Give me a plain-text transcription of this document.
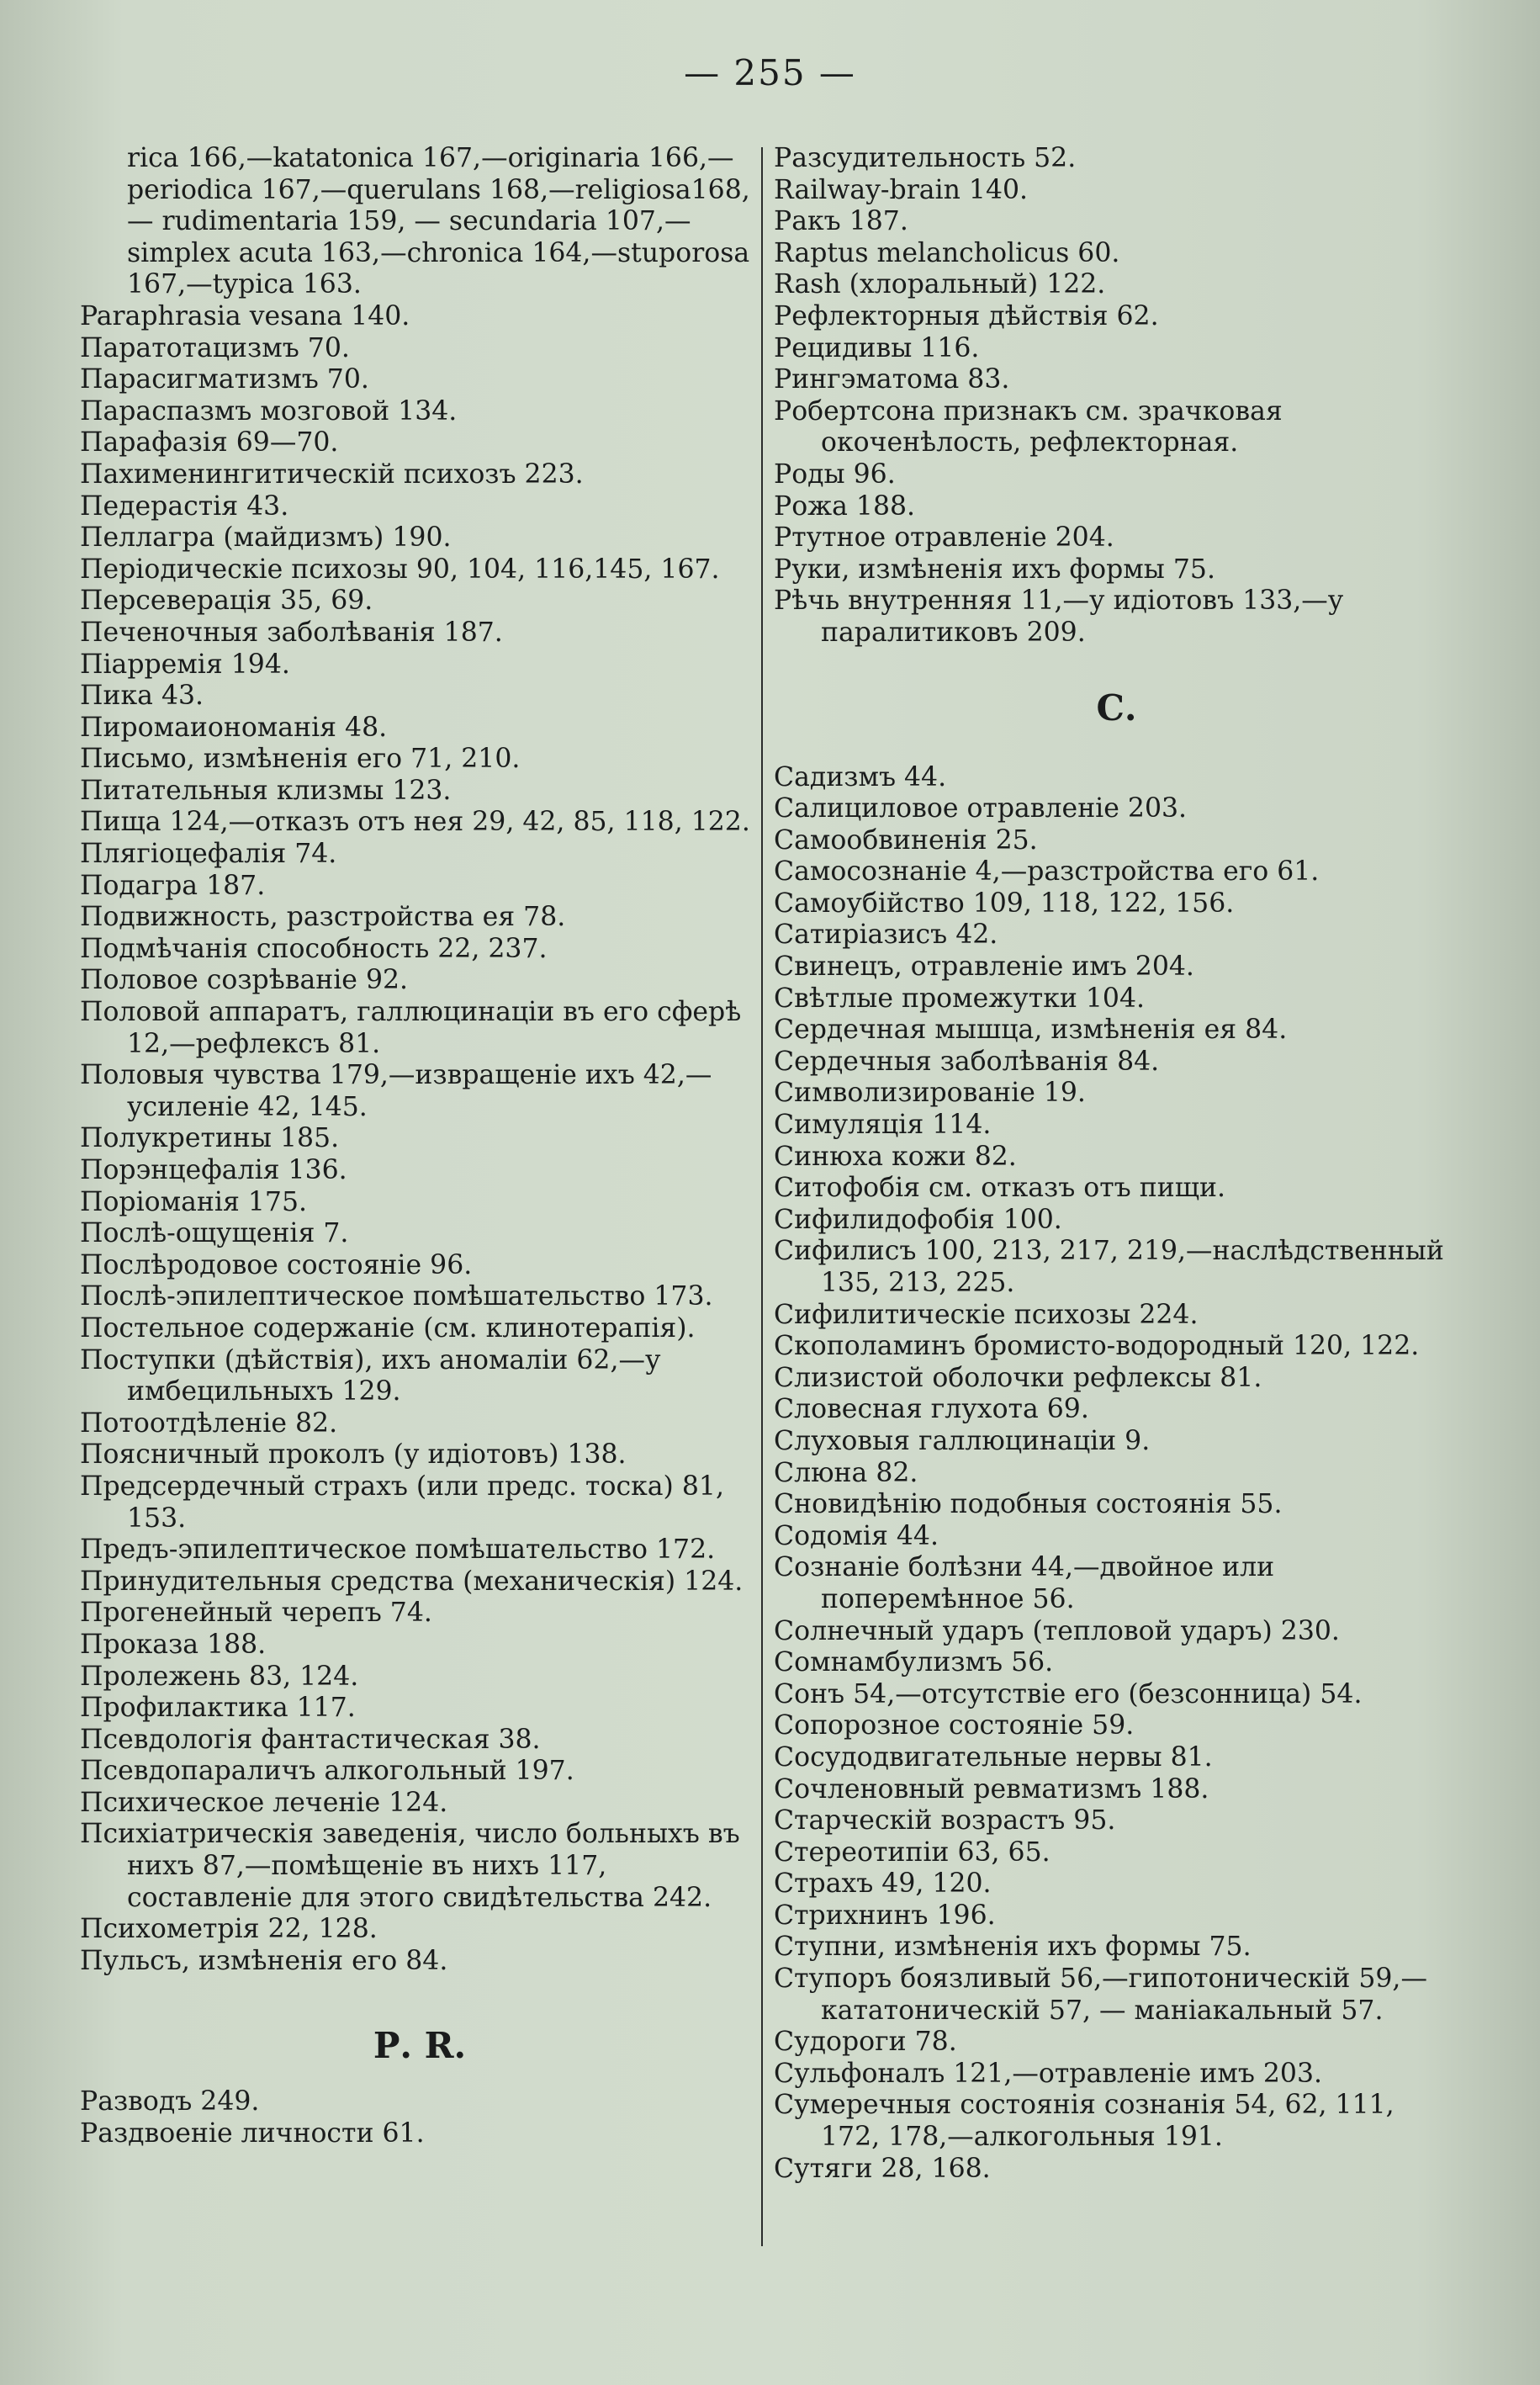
— 255 —

rica 166,—katatonica 167,—originaria 166,—periodica 167,—querulans 168,—religiosa168, — rudimentaria 159, — secundaria 107,—simplex acuta 163,—chronica 164,—stuporosa 167,—typica 163.

Paraphrasia vesana 140.

Паратотацизмъ 70.

Парасигматизмъ 70.

Параспазмъ мозговой 134.

Парафазія 69—70.

Пахименингитическій психозъ 223.

Педерастія 43.

Пеллагра (майдизмъ) 190.

Періодическіе психозы 90, 104, 116,145, 167.

Персеверація 35, 69.

Печеночныя заболѣванія 187.

Піарремія 194.

Пика 43.

Пиромаиономанія 48.

Письмо, измѣненія его 71, 210.

Питательныя клизмы 123.

Пища 124,—отказъ отъ нея 29, 42, 85, 118, 122.

Плягіоцефалія 74.

Подагра 187.

Подвижность, разстройства ея 78.

Подмѣчанія способность 22, 237.

Половое созрѣваніе 92.

Половой аппаратъ, галлюцинаціи въ его сферѣ 12,—рефлексъ 81.

Половыя чувства 179,—извращеніе ихъ 42,—усиленіе 42, 145.

Полукретины 185.

Порэнцефалія 136.

Поріоманія 175.

Послѣ-ощущенія 7.

Послѣродовое состояніе 96.

Послѣ-эпилептическое помѣшательство 173.

Постельное содержаніе (см. клинотерапія).

Поступки (дѣйствія), ихъ аномаліи 62,—у имбецильныхъ 129.

Потоотдѣленіе 82.

Поясничный проколъ (у идіотовъ) 138.

Предсердечный страхъ (или предс. тоска) 81, 153.

Предъ-эпилептическое помѣшательство 172.

Принудительныя средства (механическія) 124.

Прогенейный черепъ 74.

Проказа 188.

Пролежень 83, 124.

Профилактика 117.

Псевдологія фантастическая 38.

Псевдопараличъ алкогольный 197.

Психическое леченіе 124.

Психіатрическія заведенія, число больныхъ въ нихъ 87,—помѣщеніе въ нихъ 117, составленіе для этого свидѣтельства 242.

Психометрія 22, 128.

Пульсъ, измѣненія его 84.

Р. R.

Разводъ 249.

Раздвоеніе личности 61.

Разсудительность 52.

Railway-brain 140.

Ракъ 187.

Raptus melancholicus 60.

Rash (хлоральный) 122.

Рефлекторныя дѣйствія 62.

Рецидивы 116.

Рингэматома 83.

Робертсона признакъ см. зрачковая окоченѣлость, рефлекторная.

Роды 96.

Рожа 188.

Ртутное отравленіе 204.

Руки, измѣненія ихъ формы 75.

Рѣчь внутренняя 11,—у идіотовъ 133,—у паралитиковъ 209.

С.

Садизмъ 44.

Салициловое отравленіе 203.

Самообвиненія 25.

Самосознаніе 4,—разстройства его 61.

Самоубійство 109, 118, 122, 156.

Сатиріазисъ 42.

Свинецъ, отравленіе имъ 204.

Свѣтлые промежутки 104.

Сердечная мышца, измѣненія ея 84.

Сердечныя заболѣванія 84.

Символизированіе 19.

Симуляція 114.

Синюха кожи 82.

Ситофобія см. отказъ отъ пищи.

Сифилидофобія 100.

Сифилисъ 100, 213, 217, 219,—наслѣдственный 135, 213, 225.

Сифилитическіе психозы 224.

Скополаминъ бромисто-водородный 120, 122.

Слизистой оболочки рефлексы 81.

Словесная глухота 69.

Слуховыя галлюцинаціи 9.

Слюна 82.

Сновидѣнію подобныя состоянія 55.

Содомія 44.

Сознаніе болѣзни 44,—двойное или поперемѣнное 56.

Солнечный ударъ (тепловой ударъ) 230.

Сомнамбулизмъ 56.

Сонъ 54,—отсутствіе его (безсонница) 54.

Сопорозное состояніе 59.

Сосудодвигательные нервы 81.

Сочленовный ревматизмъ 188.

Старческій возрастъ 95.

Стереотипіи 63, 65.

Страхъ 49, 120.

Стрихнинъ 196.

Ступни, измѣненія ихъ формы 75.

Ступоръ боязливый 56,—гипотоническій 59,—кататоническій 57, — маніакальный 57.

Судороги 78.

Сульфоналъ 121,—отравленіе имъ 203.

Сумеречныя состоянія сознанія 54, 62, 111, 172, 178,—алкогольныя 191.

Сутяги 28, 168.
